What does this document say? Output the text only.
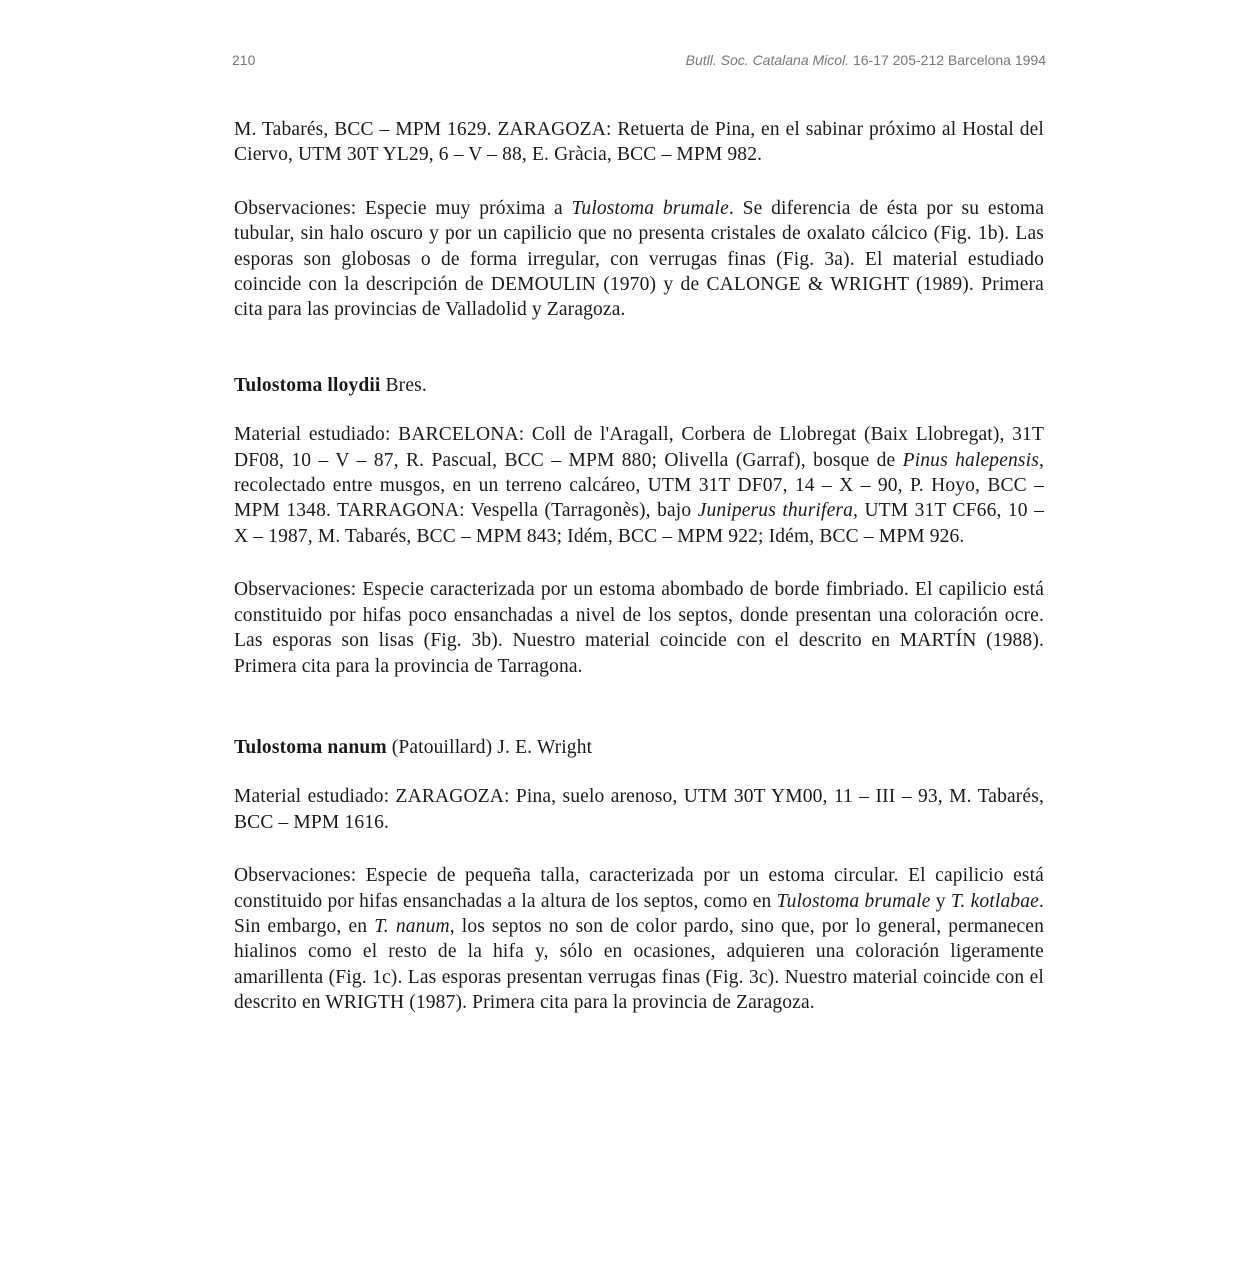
210	Butll. Soc. Catalana Micol. 16-17 205-212 Barcelona 1994

M. Tabarés, BCC – MPM 1629. ZARAGOZA: Retuerta de Pina, en el sabinar próximo al Hostal del Ciervo, UTM 30T YL29, 6 – V – 88, E. Gràcia, BCC – MPM 982.

Observaciones: Especie muy próxima a Tulostoma brumale. Se diferencia de ésta por su estoma tubular, sin halo oscuro y por un capilicio que no presenta cristales de oxalato cálcico (Fig. 1b). Las esporas son globosas o de forma irregular, con verrugas finas (Fig. 3a). El material estudiado coincide con la descripción de DEMOULIN (1970) y de CALONGE & WRIGHT (1989). Primera cita para las provincias de Valladolid y Zaragoza.

Tulostoma lloydii Bres.

Material estudiado: BARCELONA: Coll de l'Aragall, Corbera de Llobregat (Baix Llobregat), 31T DF08, 10 – V – 87, R. Pascual, BCC – MPM 880; Olivella (Garraf), bosque de Pinus halepensis, recolectado entre musgos, en un terreno calcáreo, UTM 31T DF07, 14 – X – 90, P. Hoyo, BCC – MPM 1348. TARRAGONA: Vespella (Tarragonès), bajo Juniperus thurifera, UTM 31T CF66, 10 – X – 1987, M. Tabarés, BCC – MPM 843; Idém, BCC – MPM 922; Idém, BCC – MPM 926.

Observaciones: Especie caracterizada por un estoma abombado de borde fimbriado. El capilicio está constituido por hifas poco ensanchadas a nivel de los septos, donde presentan una coloración ocre. Las esporas son lisas (Fig. 3b). Nuestro material coincide con el descrito en MARTÍN (1988). Primera cita para la provincia de Tarragona.

Tulostoma nanum (Patouillard) J. E. Wright

Material estudiado: ZARAGOZA: Pina, suelo arenoso, UTM 30T YM00, 11 – III – 93, M. Tabarés, BCC – MPM 1616.

Observaciones: Especie de pequeña talla, caracterizada por un estoma circular. El capilicio está constituido por hifas ensanchadas a la altura de los septos, como en Tulostoma brumale y T. kotlabae. Sin embargo, en T. nanum, los septos no son de color pardo, sino que, por lo general, permanecen hialinos como el resto de la hifa y, sólo en ocasiones, adquieren una coloración ligeramente amarillenta (Fig. 1c). Las esporas presentan verrugas finas (Fig. 3c). Nuestro material coincide con el descrito en WRIGTH (1987). Primera cita para la provincia de Zaragoza.
